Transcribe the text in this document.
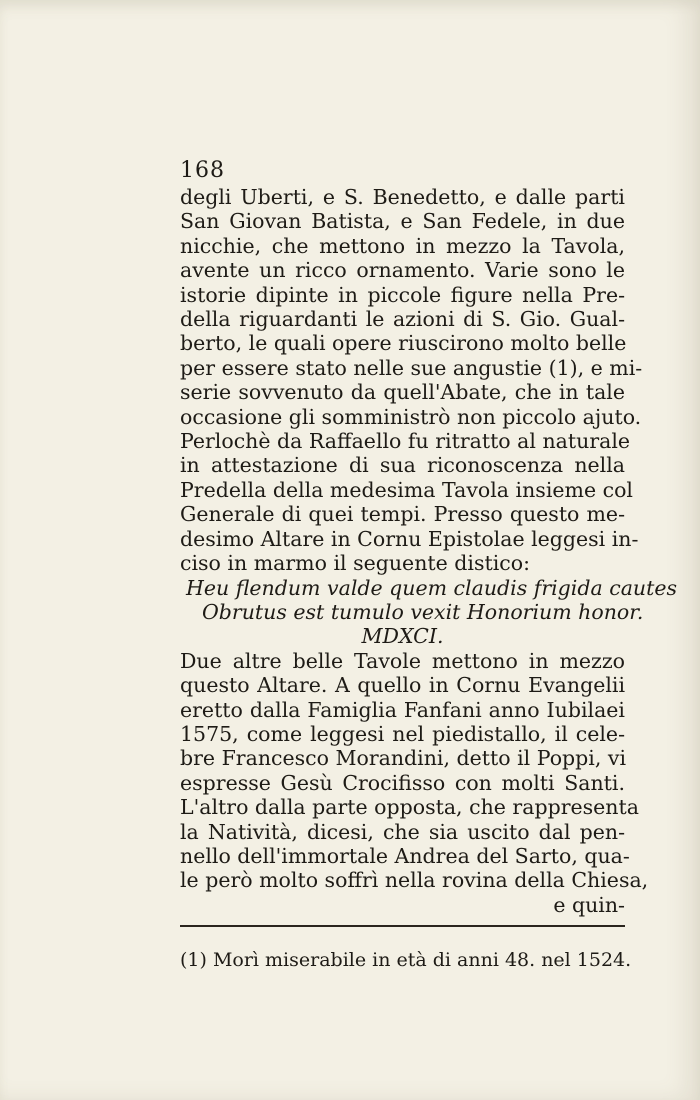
168
degli Uberti, e S. Benedetto, e dalle parti
San Giovan Batista, e San Fedele, in due
nicchie, che mettono in mezzo la Tavola,
avente un ricco ornamento. Varie sono le
istorie dipinte in piccole figure nella Pre-
della riguardanti le azioni di S. Gio. Gual-
berto, le quali opere riuscirono molto belle
per essere stato nelle sue angustie (1), e mi-
serie sovvenuto da quell'Abate, che in tale
occasione gli somministrò non piccolo ajuto.
Perlochè da Raffaello fu ritratto al naturale
in attestazione di sua riconoscenza nella
Predella della medesima Tavola insieme col
Generale di quei tempi. Presso questo me-
desimo Altare in Cornu Epistolae leggesi in-
ciso in marmo il seguente distico:
Heu flendum valde quem claudis frigida cautes
Obrutus est tumulo vexit Honorium honor.
MDXCI.
Due altre belle Tavole mettono in mezzo
questo Altare. A quello in Cornu Evangelii
eretto dalla Famiglia Fanfani anno Iubilaei
1575, come leggesi nel piedistallo, il cele-
bre Francesco Morandini, detto il Poppi, vi
espresse Gesù Crocifisso con molti Santi.
L'altro dalla parte opposta, che rappresenta
la Natività, dicesi, che sia uscito dal pen-
nello dell'immortale Andrea del Sarto, qua-
le però molto soffrì nella rovina della Chiesa,
e quin-
(1) Morì miserabile in età di anni 48. nel 1524.
